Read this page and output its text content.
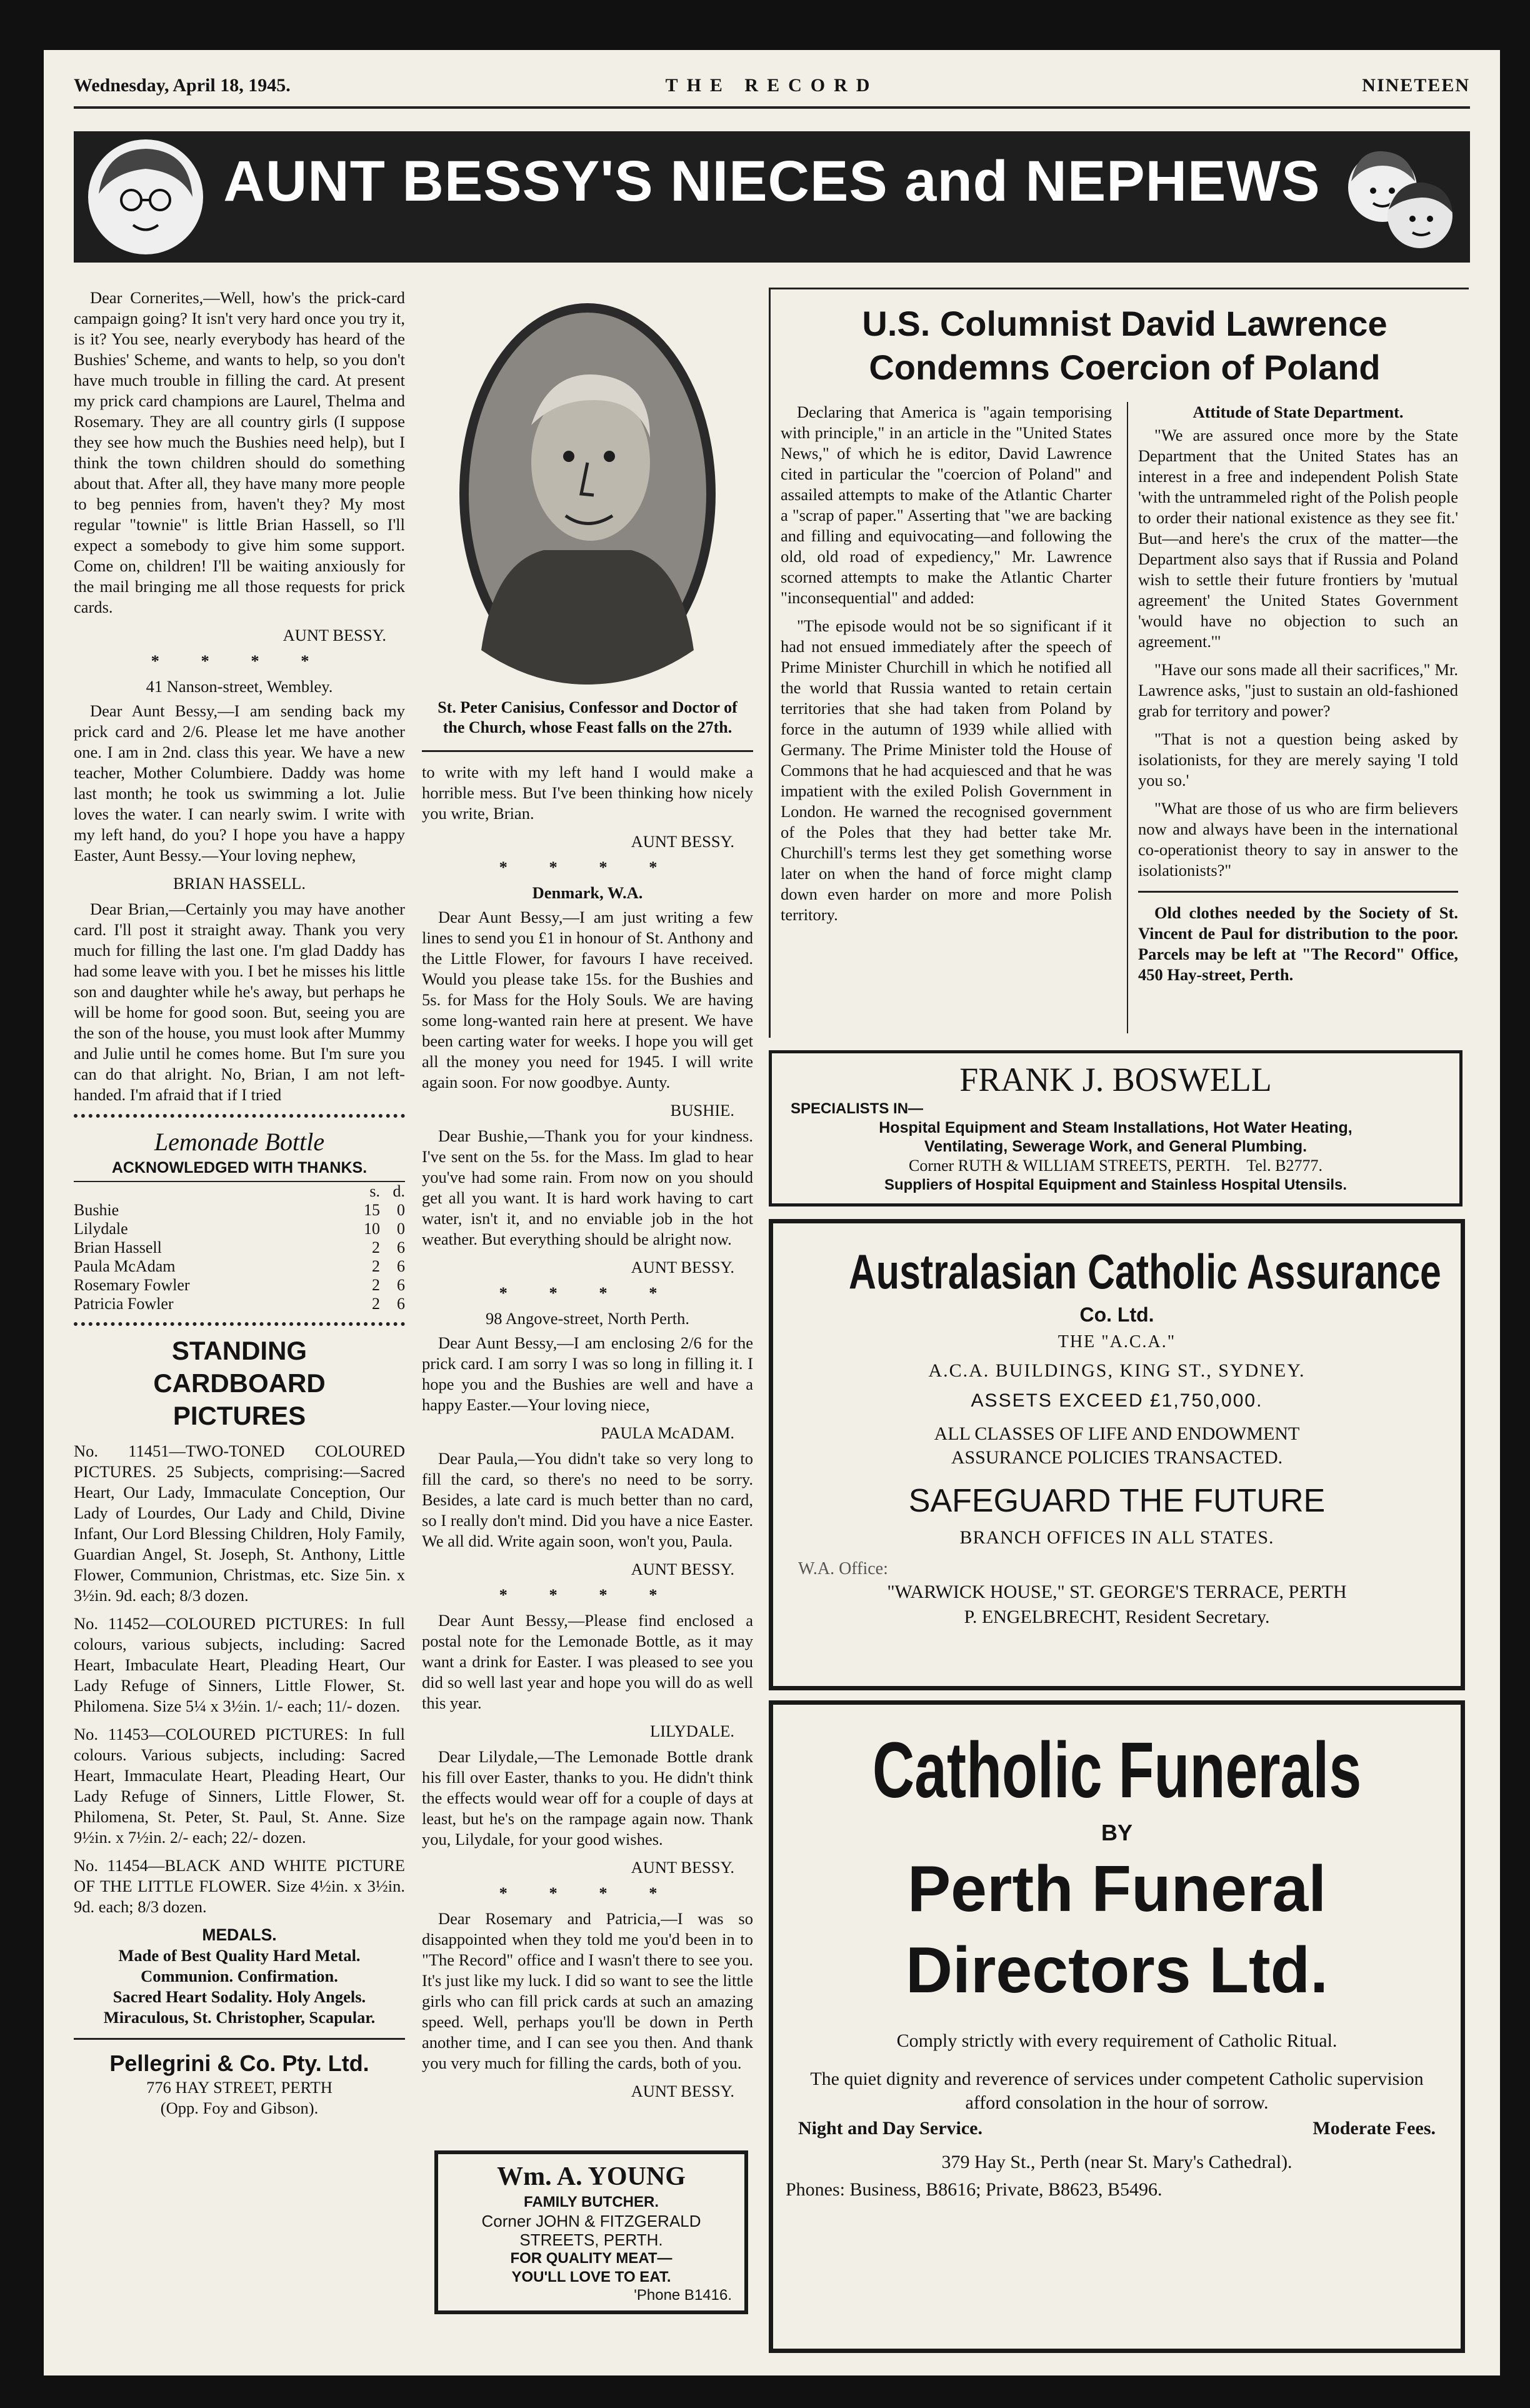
Wednesday, April 18, 1945.	THE RECORD	NINETEEN
AUNT BESSY'S NIECES and NEPHEWS

Dear Cornerites,—Well, how's the prick-card campaign going? It isn't very hard once you try it, is it? You see, nearly everybody has heard of the Bushies' Scheme, and wants to help, so you don't have much trouble in filling the card. At present my prick card champions are Laurel, Thelma and Rosemary. They are all country girls (I suppose they see how much the Bushies need help), but I think the town children should do something about that. After all, they have many more people to beg pennies from, haven't they? My most regular "townie" is little Brian Hassell, so I'll expect a somebody to give him some support. Come on, children! I'll be waiting anxiously for the mail bringing me all those requests for prick cards.

AUNT BESSY.
* * * *
41 Nanson-street, Wembley.

Dear Aunt Bessy,—I am sending back my prick card and 2/6. Please let me have another one. I am in 2nd. class this year. We have a new teacher, Mother Columbiere. Daddy was home last month; he took us swimming a lot. Julie loves the water. I can nearly swim. I write with my left hand, do you? I hope you have a happy Easter, Aunt Bessy.—Your loving nephew,

BRIAN HASSELL.

Dear Brian,—Certainly you may have another card. I'll post it straight away. Thank you very much for filling the last one. I'm glad Daddy has had some leave with you. I bet he misses his little son and daughter while he's away, but perhaps he will be home for good soon. But, seeing you are the son of the house, you must look after Mummy and Julie until he comes home. But I'm sure you can do that alright. No, Brian, I am not left-handed. I'm afraid that if I tried

Lemonade Bottle
ACKNOWLEDGED WITH THANKS.
	s.	d.
Bushie	15	0
Lilydale	10	0
Brian Hassell	2	6
Paula McAdam	2	6
Rosemary Fowler	2	6
Patricia Fowler	2	6
STANDING CARDBOARD PICTURES

No. 11451—TWO-TONED COLOURED PICTURES. 25 Subjects, comprising:—Sacred Heart, Our Lady, Immaculate Conception, Our Lady of Lourdes, Our Lady and Child, Divine Infant, Our Lord Blessing Children, Holy Family, Guardian Angel, St. Joseph, St. Anthony, Little Flower, Communion, Christmas, etc. Size 5in. x 3½in. 9d. each; 8/3 dozen.

No. 11452—COLOURED PICTURES: In full colours, various subjects, including: Sacred Heart, Imbaculate Heart, Pleading Heart, Our Lady Refuge of Sinners, Little Flower, St. Philomena. Size 5¼ x 3½in. 1/- each; 11/- dozen.

No. 11453—COLOURED PICTURES: In full colours. Various subjects, including: Sacred Heart, Immaculate Heart, Pleading Heart, Our Lady Refuge of Sinners, Little Flower, St. Philomena, St. Peter, St. Paul, St. Anne. Size 9½in. x 7½in. 2/- each; 22/- dozen.

No. 11454—BLACK AND WHITE PICTURE OF THE LITTLE FLOWER. Size 4½in. x 3½in. 9d. each; 8/3 dozen.

MEDALS.
Made of Best Quality Hard Metal.
Communion. Confirmation.
Sacred Heart Sodality. Holy Angels.
Miraculous, St. Christopher, Scapular.
Pellegrini & Co. Pty. Ltd.
776 HAY STREET, PERTH
(Opp. Foy and Gibson).
St. Peter Canisius, Confessor and Doctor of the Church, whose Feast falls on the 27th.

to write with my left hand I would make a horrible mess. But I've been thinking how nicely you write, Brian.

AUNT BESSY.
* * * *
Denmark, W.A.

Dear Aunt Bessy,—I am just writing a few lines to send you £1 in honour of St. Anthony and the Little Flower, for favours I have received. Would you please take 15s. for the Bushies and 5s. for Mass for the Holy Souls. We are having some long-wanted rain here at present. We have been carting water for weeks. I hope you will get all the money you need for 1945. I will write again soon. For now goodbye. Aunty.

BUSHIE.

Dear Bushie,—Thank you for your kindness. I've sent on the 5s. for the Mass. Im glad to hear you've had some rain. From now on you should get all you want. It is hard work having to cart water, isn't it, and no enviable job in the hot weather. But everything should be alright now.

AUNT BESSY.
* * * *
98 Angove-street, North Perth.

Dear Aunt Bessy,—I am enclosing 2/6 for the prick card. I am sorry I was so long in filling it. I hope you and the Bushies are well and have a happy Easter.—Your loving niece,

PAULA McADAM.

Dear Paula,—You didn't take so very long to fill the card, so there's no need to be sorry. Besides, a late card is much better than no card, so I really don't mind. Did you have a nice Easter. We all did. Write again soon, won't you, Paula.

AUNT BESSY.
* * * *

Dear Aunt Bessy,—Please find enclosed a postal note for the Lemonade Bottle, as it may want a drink for Easter. I was pleased to see you did so well last year and hope you will do as well this year.

LILYDALE.

Dear Lilydale,—The Lemonade Bottle drank his fill over Easter, thanks to you. He didn't think the effects would wear off for a couple of days at least, but he's on the rampage again now. Thank you, Lilydale, for your good wishes.

AUNT BESSY.
* * * *

Dear Rosemary and Patricia,—I was so disappointed when they told me you'd been in to "The Record" office and I wasn't there to see you. It's just like my luck. I did so want to see the little girls who can fill prick cards at such an amazing speed. Well, perhaps you'll be down in Perth another time, and I can see you then. And thank you very much for filling the cards, both of you.

AUNT BESSY.
Wm. A. YOUNG
FAMILY BUTCHER.
Corner JOHN & FITZGERALD
STREETS, PERTH.
FOR QUALITY MEAT—
YOU'LL LOVE TO EAT.
'Phone B1416.
U.S. Columnist David Lawrence Condemns Coercion of Poland

Declaring that America is "again temporising with principle," in an article in the "United States News," of which he is editor, David Lawrence cited in particular the "coercion of Poland" and assailed attempts to make of the Atlantic Charter a "scrap of paper." Asserting that "we are backing and filling and equivocating—and following the old, old road of expediency," Mr. Lawrence scorned attempts to make the Atlantic Charter "inconsequential" and added:

"The episode would not be so significant if it had not ensued immediately after the speech of Prime Minister Churchill in which he notified all the world that Russia wanted to retain certain territories that she had taken from Poland by force in the autumn of 1939 while allied with Germany. The Prime Minister told the House of Commons that he had acquiesced and that he was impatient with the exiled Polish Government in London. He warned the recognised government of the Poles that they had better take Mr. Churchill's terms lest they get something worse later on when the hand of force might clamp down even harder on more and more Polish territory.

Attitude of State Department.

"We are assured once more by the State Department that the United States has an interest in a free and independent Polish State 'with the untrammeled right of the Polish people to order their national existence as they see fit.' But—and here's the crux of the matter—the Department also says that if Russia and Poland wish to settle their future frontiers by 'mutual agreement' the United States Government 'would have no objection to such an agreement.'"

"Have our sons made all their sacrifices," Mr. Lawrence asks, "just to sustain an old-fashioned grab for territory and power?

"That is not a question being asked by isolationists, for they are merely saying 'I told you so.'

"What are those of us who are firm believers now and always have been in the international co-operationist theory to say in answer to the isolationists?"

Old clothes needed by the Society of St. Vincent de Paul for distribution to the poor. Parcels may be left at "The Record" Office, 450 Hay-street, Perth.

FRANK J. BOSWELL
SPECIALISTS IN—
Hospital Equipment and Steam Installations, Hot Water Heating,
Ventilating, Sewerage Work, and General Plumbing.
Corner RUTH & WILLIAM STREETS, PERTH. Tel. B2777.
Suppliers of Hospital Equipment and Stainless Hospital Utensils.
Australasian Catholic Assurance
Co. Ltd.
THE "A.C.A."
A.C.A. BUILDINGS, KING ST., SYDNEY.
ASSETS EXCEED £1,750,000.
ALL CLASSES OF LIFE AND ENDOWMENT
ASSURANCE POLICIES TRANSACTED.
SAFEGUARD THE FUTURE
BRANCH OFFICES IN ALL STATES.
W.A. Office:
"WARWICK HOUSE," ST. GEORGE'S TERRACE, PERTH
P. ENGELBRECHT, Resident Secretary.
Catholic Funerals
BY
Perth Funeral
Directors Ltd.
Comply strictly with every requirement of Catholic Ritual.
The quiet dignity and reverence of services under competent Catholic supervision afford consolation in the hour of sorrow.
Night and Day Service.	Moderate Fees.
379 Hay St., Perth (near St. Mary's Cathedral).
Phones: Business, B8616; Private, B8623, B5496.
